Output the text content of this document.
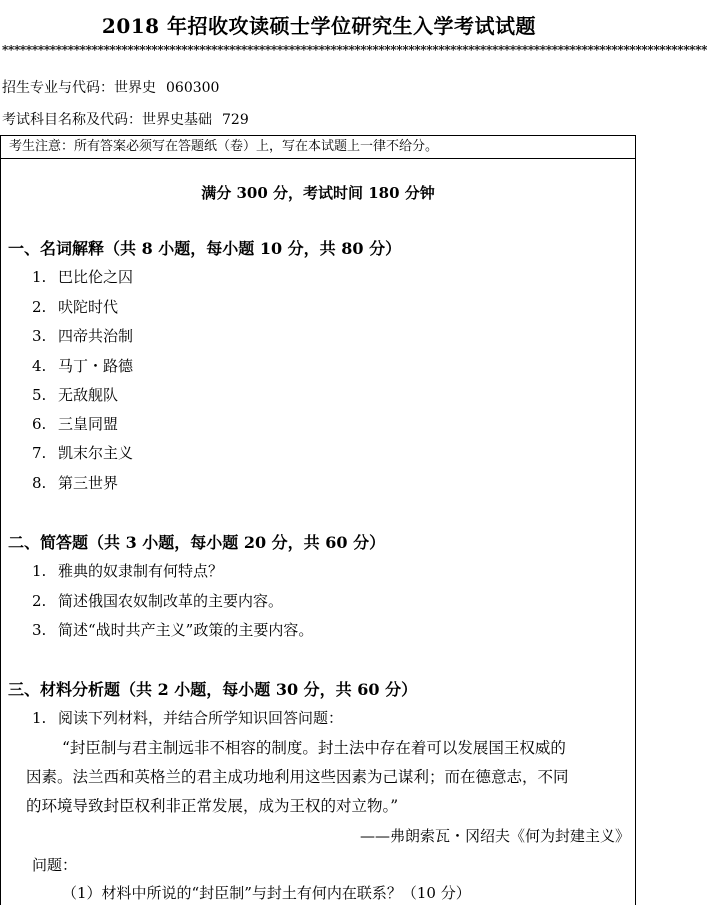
2018 年招收攻读硕士学位研究生入学考试试题
**********************************************************************************************************************
招生专业与代码：世界史 060300
考试科目名称及代码：世界史基础 729
考生注意：所有答案必须写在答题纸（卷）上，写在本试题上一律不给分。
满分 300 分，考试时间 180 分钟
一、名词解释（共 8 小题，每小题 10 分，共 80 分）
1. 巴比伦之囚
2. 吠陀时代
3. 四帝共治制
4. 马丁・路德
5. 无敌舰队
6. 三皇同盟
7. 凯末尔主义
8. 第三世界
二、简答题（共 3 小题，每小题 20 分，共 60 分）
1. 雅典的奴隶制有何特点？
2. 简述俄国农奴制改革的主要内容。
3. 简述“战时共产主义”政策的主要内容。
三、材料分析题（共 2 小题，每小题 30 分，共 60 分）
1. 阅读下列材料，并结合所学知识回答问题：
“封臣制与君主制远非不相容的制度。封土法中存在着可以发展国王权威的
因素。法兰西和英格兰的君主成功地利用这些因素为己谋利；而在德意志，不同
的环境导致封臣权利非正常发展，成为王权的对立物。”
——弗朗索瓦・冈绍夫《何为封建主义》
问题：
（1）材料中所说的“封臣制”与封土有何内在联系？（10 分）
